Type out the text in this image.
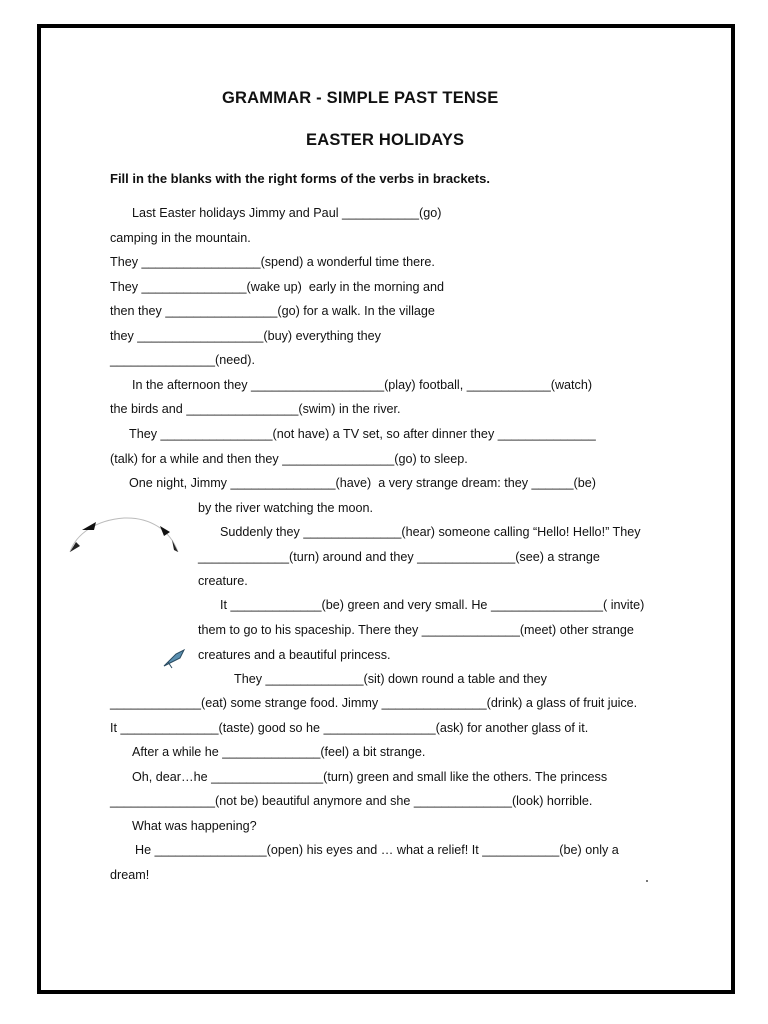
GRAMMAR - SIMPLE PAST TENSE
EASTER HOLIDAYS
Fill in the blanks with the right forms of the verbs in brackets.
Last Easter holidays Jimmy and Paul ___________(go)
camping in the mountain.
They _________________(spend) a wonderful time there.
They _______________(wake up)  early in the morning and
then they ________________(go) for a walk. In the village
they __________________(buy) everything they
_______________(need).
In the afternoon they ___________________(play) football, ____________(watch)
the birds and ________________(swim) in the river.
They ________________(not have) a TV set, so after dinner they ______________
(talk) for a while and then they ________________(go) to sleep.
One night, Jimmy _______________(have)  a very strange dream: they ______(be)
by the river watching the moon.
Suddenly they ______________(hear) someone calling “Hello! Hello!” They
_____________(turn) around and they ______________(see) a strange
creature.
It _____________(be) green and very small. He ________________( invite)
them to go to his spaceship. There they ______________(meet) other strange
creatures and a beautiful princess.
They ______________(sit) down round a table and they
_____________(eat) some strange food. Jimmy _______________(drink) a glass of fruit juice.
It ______________(taste) good so he ________________(ask) for another glass of it.
After a while he ______________(feel) a bit strange.
Oh, dear…he ________________(turn) green and small like the others. The princess
_______________(not be) beautiful anymore and she ______________(look) horrible.
What was happening?
He ________________(open) his eyes and … what a relief! It ___________(be) only a
dream!
